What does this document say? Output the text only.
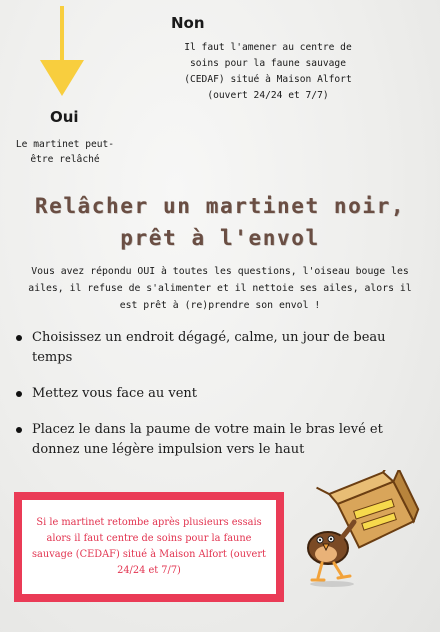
Non
Il faut l'amener au centre de soins pour la faune sauvage (CEDAF) situé à Maison Alfort (ouvert 24/24 et 7/7)
Oui
Le martinet peut-être relâché
Relâcher un martinet noir,
prêt à l'envol
Vous avez répondu OUI à toutes les questions, l'oiseau bouge les ailes, il refuse de s'alimenter et il nettoie ses ailes, alors il est prêt à (re)prendre son envol !
Choisissez un endroit dégagé, calme, un jour de beau temps
Mettez vous face au vent
Placez le dans la paume de votre main le bras levé et donnez une légère impulsion vers le haut
Si le martinet retombe après plusieurs essais alors il faut centre de soins pour la faune sauvage (CEDAF) situé à Maison Alfort (ouvert 24/24 et 7/7)
